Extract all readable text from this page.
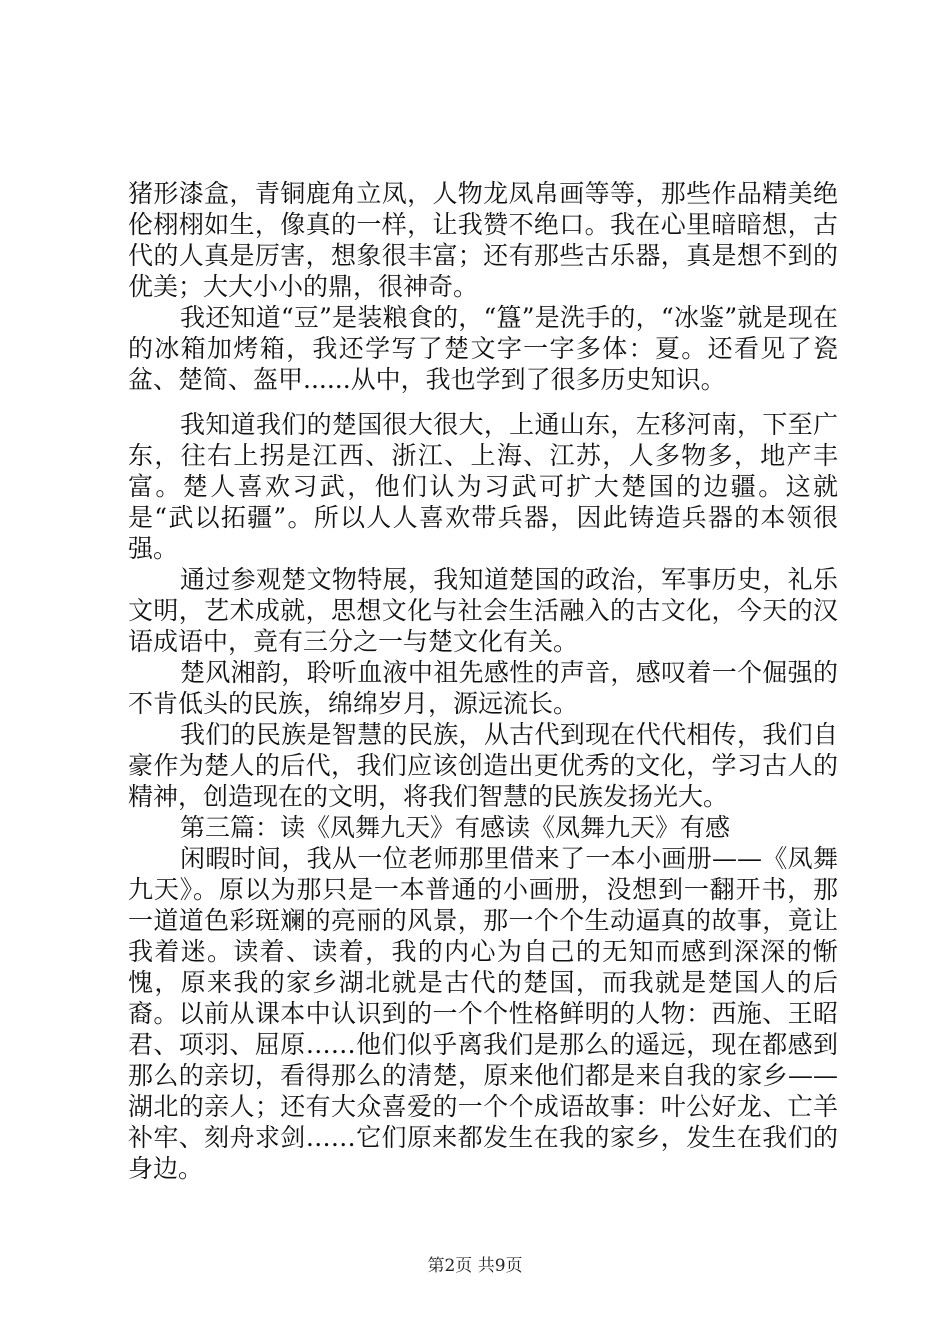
猪形漆盒，青铜鹿角立凤，人物龙凤帛画等等，那些作品精美绝伦栩栩如生，像真的一样，让我赞不绝口。我在心里暗暗想，古代的人真是厉害，想象很丰富；还有那些古乐器，真是想不到的优美；大大小小的鼎，很神奇。

我还知道“豆”是装粮食的，“簋”是洗手的，“冰鉴”就是现在的冰箱加烤箱，我还学写了楚文字一字多体：夏。还看见了瓷盆、楚简、盔甲......从中，我也学到了很多历史知识。

我知道我们的楚国很大很大，上通山东，左移河南，下至广东，往右上拐是江西、浙江、上海、江苏，人多物多，地产丰富。楚人喜欢习武，他们认为习武可扩大楚国的边疆。这就是“武以拓疆”。所以人人喜欢带兵器，因此铸造兵器的本领很强。

通过参观楚文物特展，我知道楚国的政治，军事历史，礼乐文明，艺术成就，思想文化与社会生活融入的古文化，今天的汉语成语中，竟有三分之一与楚文化有关。

楚风湘韵，聆听血液中祖先感性的声音，感叹着一个倔强的不肯低头的民族，绵绵岁月，源远流长。

我们的民族是智慧的民族，从古代到现在代代相传，我们自豪作为楚人的后代，我们应该创造出更优秀的文化，学习古人的精神，创造现在的文明，将我们智慧的民族发扬光大。

第三篇：读《凤舞九天》有感读《凤舞九天》有感

闲暇时间，我从一位老师那里借来了一本小画册——《凤舞九天》。原以为那只是一本普通的小画册，没想到一翻开书，那一道道色彩斑斓的亮丽的风景，那一个个生动逼真的故事，竟让我着迷。读着、读着，我的内心为自己的无知而感到深深的惭愧，原来我的家乡湖北就是古代的楚国，而我就是楚国人的后裔。以前从课本中认识到的一个个性格鲜明的人物：西施、王昭君、项羽、屈原……他们似乎离我们是那么的遥远，现在都感到那么的亲切，看得那么的清楚，原来他们都是来自我的家乡——湖北的亲人；还有大众喜爱的一个个成语故事：叶公好龙、亡羊补牢、刻舟求剑……它们原来都发生在我的家乡，发生在我们的身边。

第2页 共9页
